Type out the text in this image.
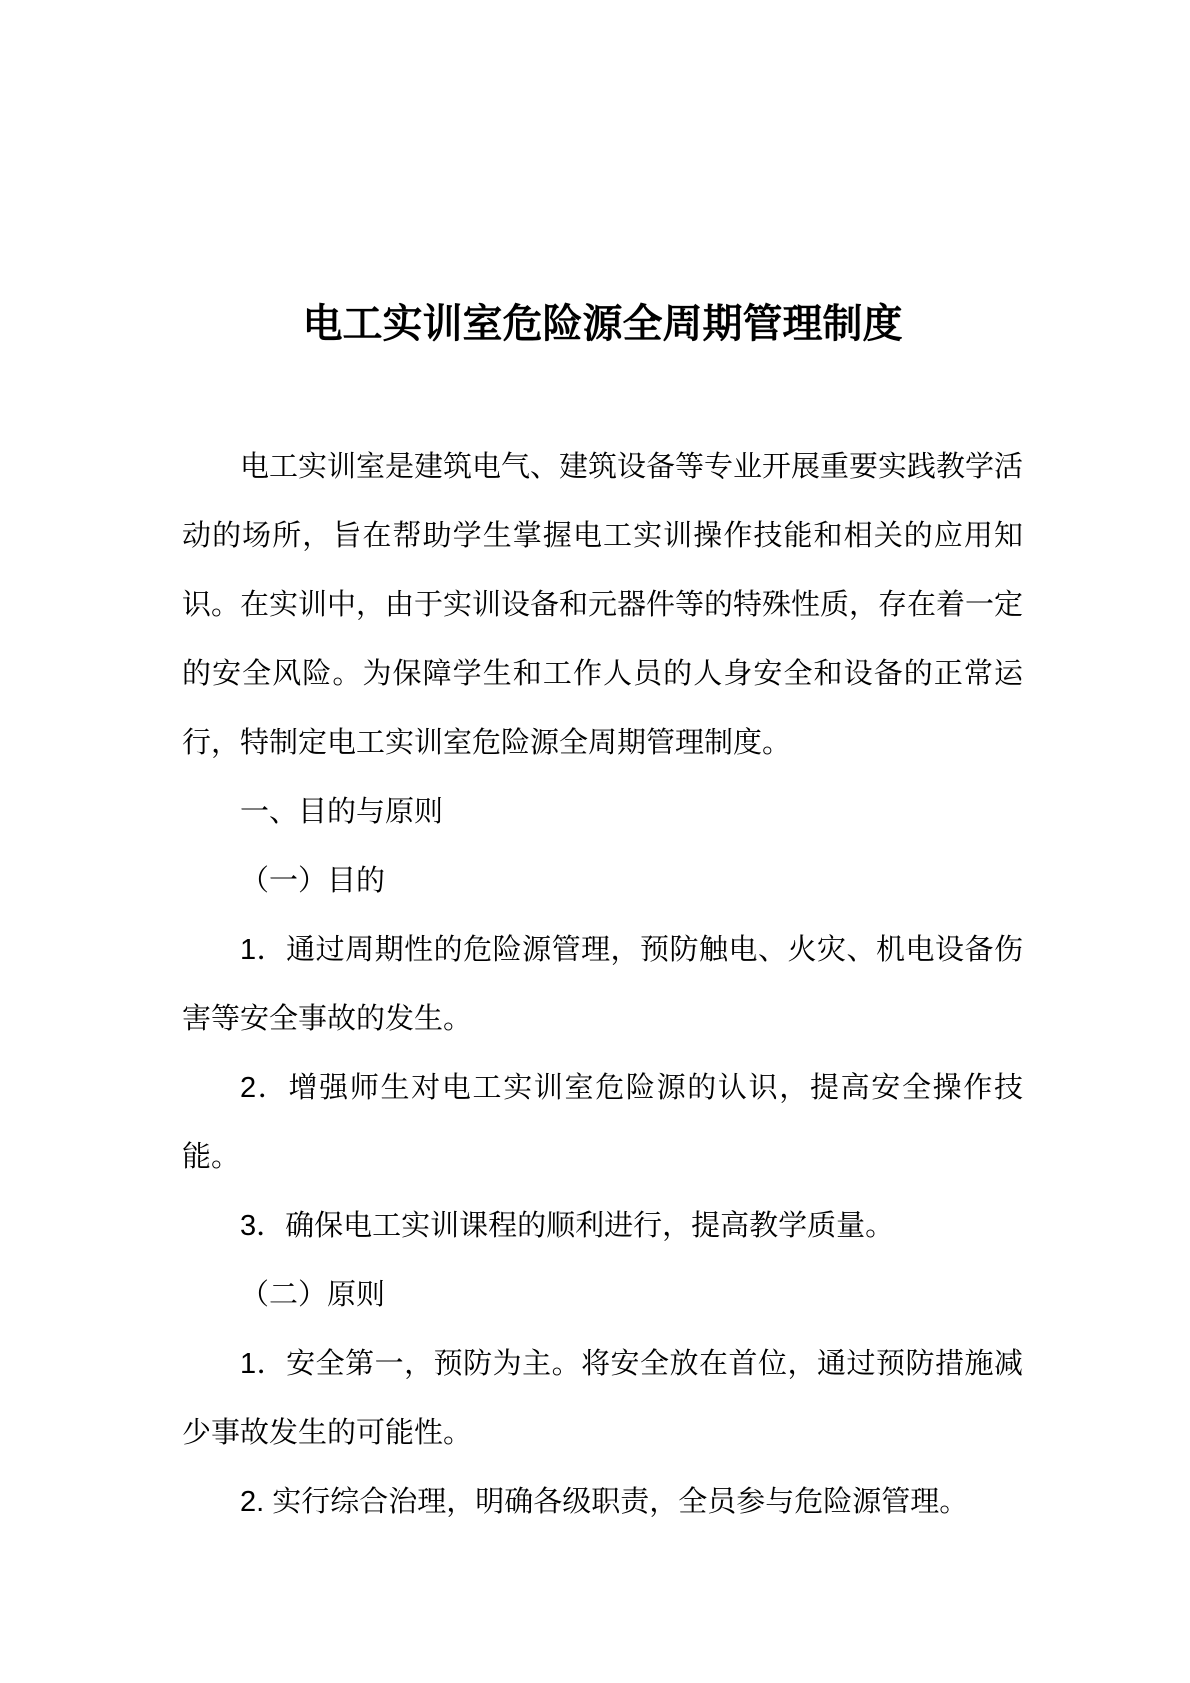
电工实训室危险源全周期管理制度

电工实训室是建筑电气、建筑设备等专业开展重要实践教学活动的场所，旨在帮助学生掌握电工实训操作技能和相关的应用知识。在实训中，由于实训设备和元器件等的特殊性质，存在着一定的安全风险。为保障学生和工作人员的人身安全和设备的正常运行，特制定电工实训室危险源全周期管理制度。

一、目的与原则

（一）目的

1．通过周期性的危险源管理，预防触电、火灾、机电设备伤害等安全事故的发生。

2．增强师生对电工实训室危险源的认识，提高安全操作技能。

3．确保电工实训课程的顺利进行，提高教学质量。

（二）原则

1．安全第一，预防为主。将安全放在首位，通过预防措施减少事故发生的可能性。

2. 实行综合治理，明确各级职责，全员参与危险源管理。
